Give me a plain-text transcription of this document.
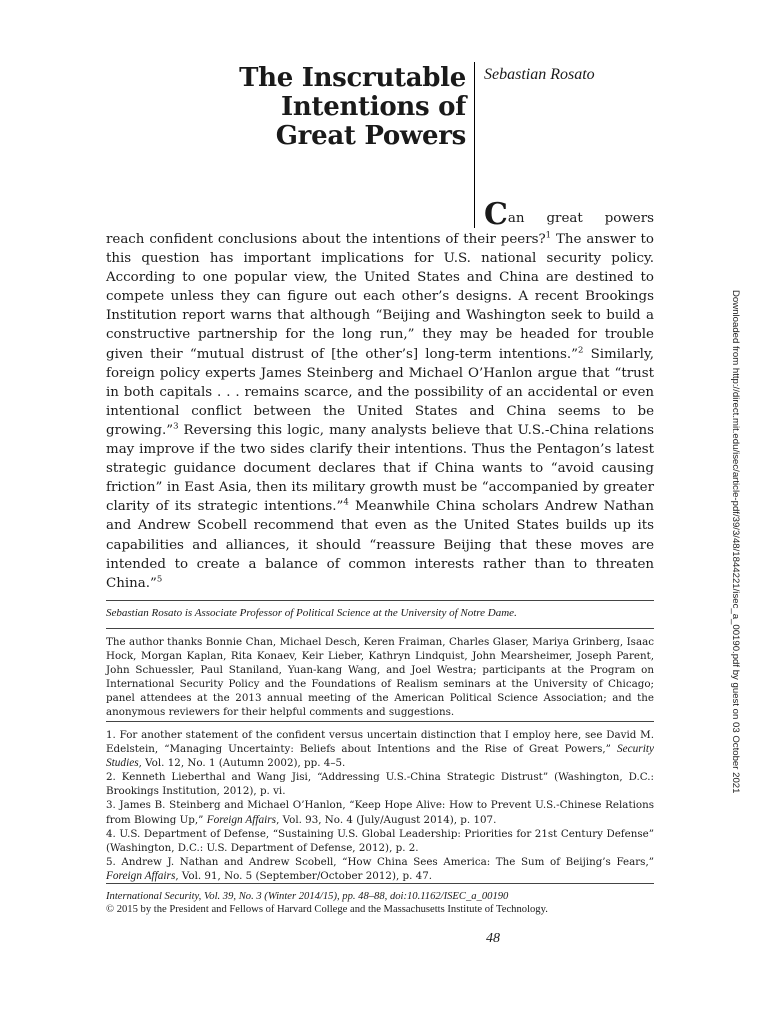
The Inscrutable
Intentions of
Great Powers
Sebastian Rosato
Can great powers
reach confident conclusions about the intentions of their peers?$^1$ The answer to this question has important implications for U.S. national security policy. According to one popular view, the United States and China are destined to compete unless they can figure out each other’s designs. A recent Brookings Institution report warns that although “Beijing and Washington seek to build a constructive partnership for the long run,” they may be headed for trouble given their “mutual distrust of [the other’s] long-term intentions.”$^2$ Similarly, foreign policy experts James Steinberg and Michael O’Hanlon argue that “trust in both capitals . . . remains scarce, and the possibility of an accidental or even intentional conflict between the United States and China seems to be growing.”$^3$ Reversing this logic, many analysts believe that U.S.-China relations may improve if the two sides clarify their intentions. Thus the Pentagon’s latest strategic guidance document declares that if China wants to “avoid causing friction” in East Asia, then its military growth must be “accompanied by greater clarity of its strategic intentions.”$^4$ Meanwhile China scholars Andrew Nathan and Andrew Scobell recommend that even as the United States builds up its capabilities and alliances, it should “reassure Beijing that these moves are intended to create a balance of common interests rather than to threaten China.”$^5$
Sebastian Rosato is Associate Professor of Political Science at the University of Notre Dame.
The author thanks Bonnie Chan, Michael Desch, Keren Fraiman, Charles Glaser, Mariya Grinberg, Isaac Hock, Morgan Kaplan, Rita Konaev, Keir Lieber, Kathryn Lindquist, John Mearsheimer, Joseph Parent, John Schuessler, Paul Staniland, Yuan-kang Wang, and Joel Westra; participants at the Program on International Security Policy and the Foundations of Realism seminars at the University of Chicago; panel attendees at the 2013 annual meeting of the American Political Science Association; and the anonymous reviewers for their helpful comments and suggestions.
1. For another statement of the confident versus uncertain distinction that I employ here, see David M. Edelstein, “Managing Uncertainty: Beliefs about Intentions and the Rise of Great Powers,” Security Studies, Vol. 12, No. 1 (Autumn 2002), pp. 4–5.
2. Kenneth Lieberthal and Wang Jisi, “Addressing U.S.-China Strategic Distrust” (Washington, D.C.: Brookings Institution, 2012), p. vi.
3. James B. Steinberg and Michael O’Hanlon, “Keep Hope Alive: How to Prevent U.S.-Chinese Relations from Blowing Up,” Foreign Affairs, Vol. 93, No. 4 (July/August 2014), p. 107.
4. U.S. Department of Defense, “Sustaining U.S. Global Leadership: Priorities for 21st Century Defense” (Washington, D.C.: U.S. Department of Defense, 2012), p. 2.
5. Andrew J. Nathan and Andrew Scobell, “How China Sees America: The Sum of Beijing’s Fears,” Foreign Affairs, Vol. 91, No. 5 (September/October 2012), p. 47.
International Security, Vol. 39, No. 3 (Winter 2014/15), pp. 48–88, doi:10.1162/ISEC_a_00190
© 2015 by the President and Fellows of Harvard College and the Massachusetts Institute of Technology.
48
Downloaded from http://direct.mit.edu/isec/article-pdf/39/3/48/1844221/isec_a_00190.pdf by guest on 03 October 2021
